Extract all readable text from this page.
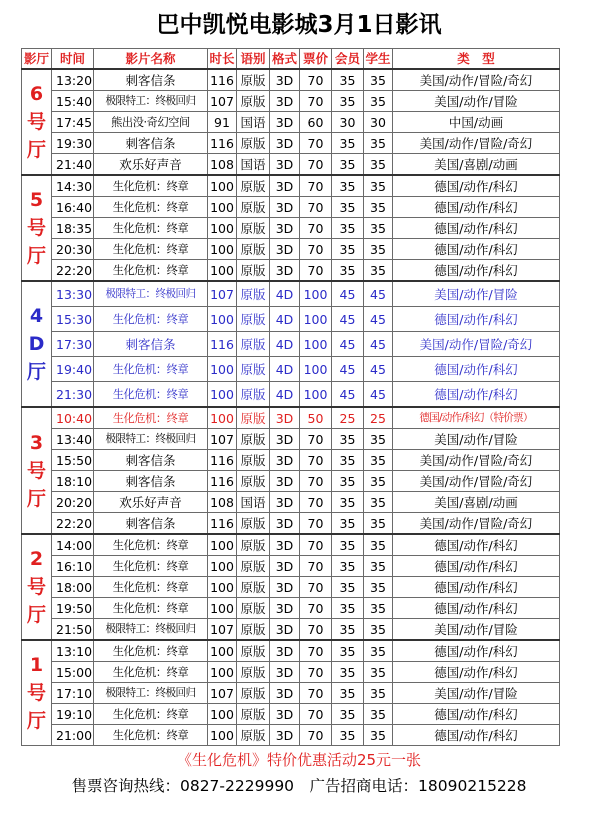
巴中凯悦电影城3月1日影讯
影厅	时间	影片名称	时长	语别	格式	票价	会员	学生	类　型
6号厅	13:20	刺客信条	116	原版	3D	70	35	35	美国/动作/冒险/奇幻
	15:40	极限特工：终极回归	107	原版	3D	70	35	35	美国/动作/冒险
	17:45	熊出没·奇幻空间	91	国语	3D	60	30	30	中国/动画
	19:30	刺客信条	116	原版	3D	70	35	35	美国/动作/冒险/奇幻
	21:40	欢乐好声音	108	国语	3D	70	35	35	美国/喜剧/动画
5号厅	14:30	生化危机：终章	100	原版	3D	70	35	35	德国/动作/科幻
	16:40	生化危机：终章	100	原版	3D	70	35	35	德国/动作/科幻
	18:35	生化危机：终章	100	原版	3D	70	35	35	德国/动作/科幻
	20:30	生化危机：终章	100	原版	3D	70	35	35	德国/动作/科幻
	22:20	生化危机：终章	100	原版	3D	70	35	35	德国/动作/科幻
4D厅	13:30	极限特工：终极回归	107	原版	4D	100	45	45	美国/动作/冒险
	15:30	生化危机：终章	100	原版	4D	100	45	45	德国/动作/科幻
	17:30	刺客信条	116	原版	4D	100	45	45	美国/动作/冒险/奇幻
	19:40	生化危机：终章	100	原版	4D	100	45	45	德国/动作/科幻
	21:30	生化危机：终章	100	原版	4D	100	45	45	德国/动作/科幻
3号厅	10:40	生化危机：终章	100	原版	3D	50	25	25	德国/动作/科幻（特价票）
	13:40	极限特工：终极回归	107	原版	3D	70	35	35	美国/动作/冒险
	15:50	刺客信条	116	原版	3D	70	35	35	美国/动作/冒险/奇幻
	18:10	刺客信条	116	原版	3D	70	35	35	美国/动作/冒险/奇幻
	20:20	欢乐好声音	108	国语	3D	70	35	35	美国/喜剧/动画
	22:20	刺客信条	116	原版	3D	70	35	35	美国/动作/冒险/奇幻
2号厅	14:00	生化危机：终章	100	原版	3D	70	35	35	德国/动作/科幻
	16:10	生化危机：终章	100	原版	3D	70	35	35	德国/动作/科幻
	18:00	生化危机：终章	100	原版	3D	70	35	35	德国/动作/科幻
	19:50	生化危机：终章	100	原版	3D	70	35	35	德国/动作/科幻
	21:50	极限特工：终极回归	107	原版	3D	70	35	35	美国/动作/冒险
1号厅	13:10	生化危机：终章	100	原版	3D	70	35	35	德国/动作/科幻
	15:00	生化危机：终章	100	原版	3D	70	35	35	德国/动作/科幻
	17:10	极限特工：终极回归	107	原版	3D	70	35	35	美国/动作/冒险
	19:10	生化危机：终章	100	原版	3D	70	35	35	德国/动作/科幻
	21:00	生化危机：终章	100	原版	3D	70	35	35	德国/动作/科幻
《生化危机》特价优惠活动25元一张
售票咨询热线：0827-2229990　广告招商电话：18090215228
